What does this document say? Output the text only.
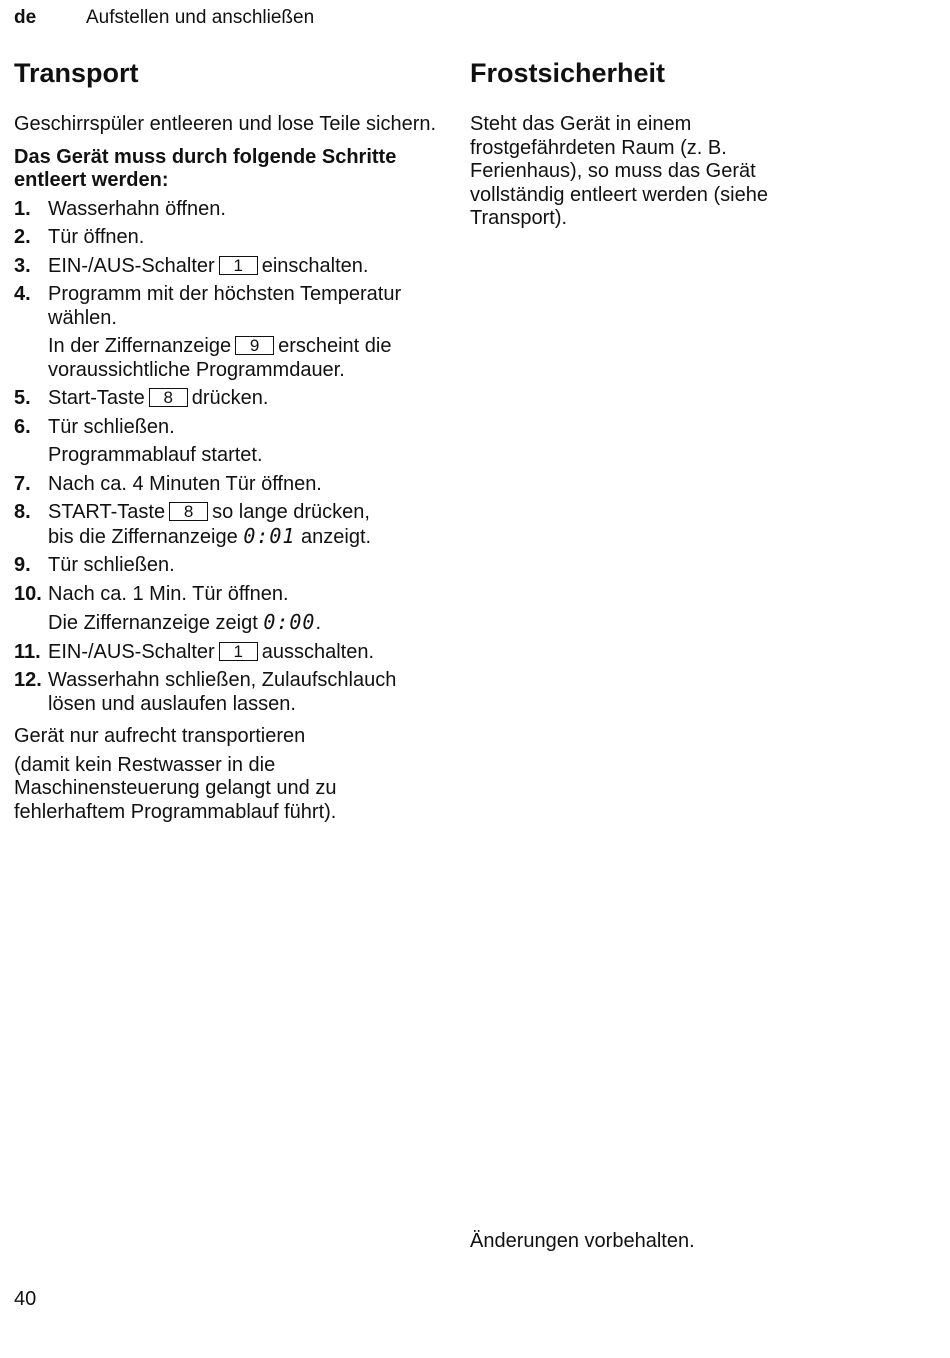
de	Aufstellen und anschließen
Transport

Geschirrspüler entleeren und lose Teile sichern.

Das Gerät muss durch folgende Schritte entleert werden:

1. Wasserhahn öffnen.
2. Tür öffnen.
3. EIN-/AUS-Schalter 1 einschalten.
4. Programm mit der höchsten Temperatur wählen.
In der Ziffernanzeige 9 erscheint die voraussichtliche Programmdauer.
5. Start-Taste 8 drücken.
6. Tür schließen.
Programmablauf startet.
7. Nach ca. 4 Minuten Tür öffnen.
8. START-Taste 8 so lange drücken,
bis die Ziffernanzeige 0:01 anzeigt.
9. Tür schließen.
10. Nach ca. 1 Min. Tür öffnen.
Die Ziffernanzeige zeigt 0:00.
11. EIN-/AUS-Schalter 1 ausschalten.
12. Wasserhahn schließen, Zulaufschlauch lösen und auslaufen lassen.

Gerät nur aufrecht transportieren

(damit kein Restwasser in die Maschinensteuerung gelangt und zu fehlerhaftem Programmablauf führt).

Frostsicherheit

Steht das Gerät in einem frostgefährdeten Raum (z. B. Ferienhaus), so muss das Gerät vollständig entleert werden (siehe Transport).

Änderungen vorbehalten.
40
